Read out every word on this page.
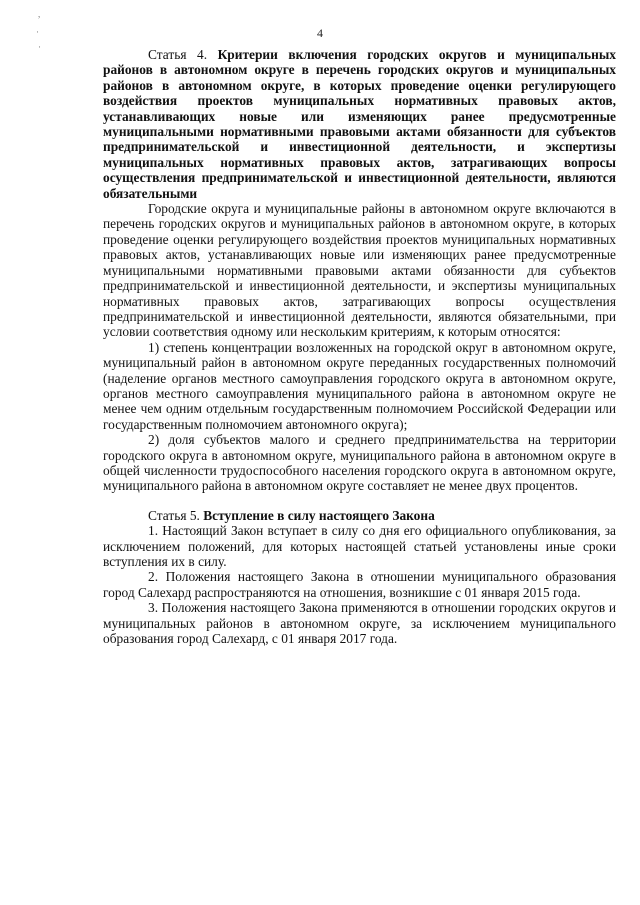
,
·
·
4

Статья 4. Критерии включения городских округов и муниципальных районов в автономном округе в перечень городских округов и муниципальных районов в автономном округе, в которых проведение оценки регулирующего воздействия проектов муниципальных нормативных правовых актов, устанавливающих новые или изменяющих ранее предусмотренные муниципальными нормативными правовыми актами обязанности для субъектов предпринимательской и инвестиционной деятельности, и экспертизы муниципальных нормативных правовых актов, затрагивающих вопросы осуществления предпринимательской и инвестиционной деятельности, являются обязательными

Городские округа и муниципальные районы в автономном округе включаются в перечень городских округов и муниципальных районов в автономном округе, в которых проведение оценки регулирующего воздействия проектов муниципальных нормативных правовых актов, устанавливающих новые или изменяющих ранее предусмотренные муниципальными нормативными правовыми актами обязанности для субъектов предпринимательской и инвестиционной деятельности, и экспертизы муниципальных нормативных правовых актов, затрагивающих вопросы осуществления предпринимательской и инвестиционной деятельности, являются обязательными, при условии соответствия одному или нескольким критериям, к которым относятся:

1) степень концентрации возложенных на городской округ в автономном округе, муниципальный район в автономном округе переданных государственных полномочий (наделение органов местного самоуправления городского округа в автономном округе, органов местного самоуправления муниципального района в автономном округе не менее чем одним отдельным государственным полномочием Российской Федерации или государственным полномочием автономного округа);

2) доля субъектов малого и среднего предпринимательства на территории городского округа в автономном округе, муниципального района в автономном округе в общей численности трудоспособного населения городского округа в автономном округе, муниципального района в автономном округе составляет не менее двух процентов.

Статья 5. Вступление в силу настоящего Закона

1. Настоящий Закон вступает в силу со дня его официального опубликования, за исключением положений, для которых настоящей статьей установлены иные сроки вступления их в силу.

2. Положения настоящего Закона в отношении муниципального образования город Салехард распространяются на отношения, возникшие с 01 января 2015 года.

3. Положения настоящего Закона применяются в отношении городских округов и муниципальных районов в автономном округе, за исключением муниципального образования город Салехард, с 01 января 2017 года.
